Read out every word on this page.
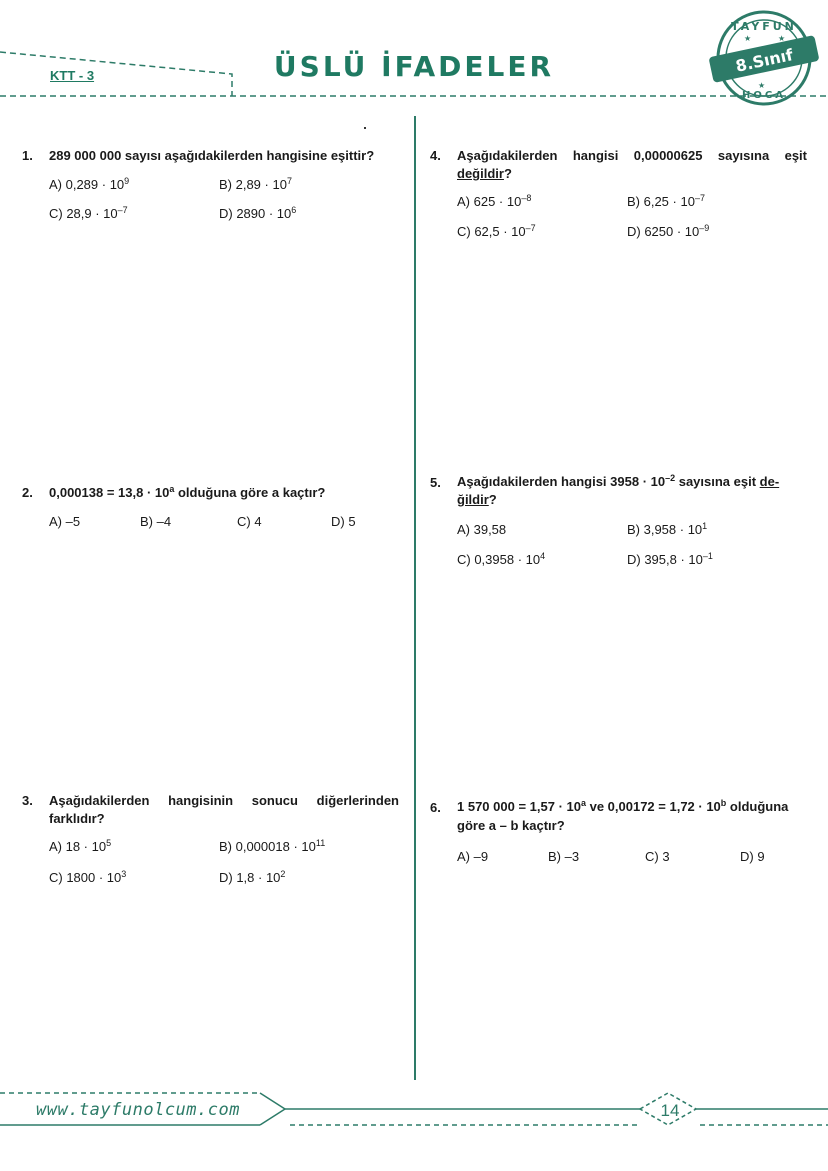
KTT - 3	ÜSLÜ İFADELER
TAYFUN
HOCA
8.Sınıf
★	★
★
1. 289 000 000 sayısı aşağıdakilerden hangisine eşittir?
A) $0,289 \cdot 10^9$	B) $2,89 \cdot 10^7$
C) $28,9 \cdot 10^{-7}$	D) $2890 \cdot 10^6$
2. $0,000138 = 13,8 \cdot 10^a$ olduğuna göre a kaçtır?
A) –5	B) –4	C) 4	D) 5
3. Aşağıdakilerden hangisinin sonucu diğerlerinden farklıdır?
A) $18 \cdot 10^5$	B) $0,000018 \cdot 10^{11}$
C) $1800 \cdot 10^3$	D) $1,8 \cdot 10^2$
4. Aşağıdakilerden hangisi 0,00000625 sayısına eşit değildir?
A) $625 \cdot 10^{-8}$	B) $6,25 \cdot 10^{-7}$
C) $62,5 \cdot 10^{-7}$	D) $6250 \cdot 10^{-9}$
5. Aşağıdakilerden hangisi $3958 \cdot 10^{-2}$ sayısına eşit de-
ğildir?
A) 39,58	B) $3,958 \cdot 10^1$
C) $0,3958 \cdot 10^4$	D) $395,8 \cdot 10^{-1}$
6. 1 570 $000 = 1,57 \cdot 10^a$ ve $0,00172 = 1,72 \cdot 10^b$ olduğuna
göre a – b kaçtır?
A) –9	B) –3	C) 3	D) 9
www.tayfunolcum.com	14
